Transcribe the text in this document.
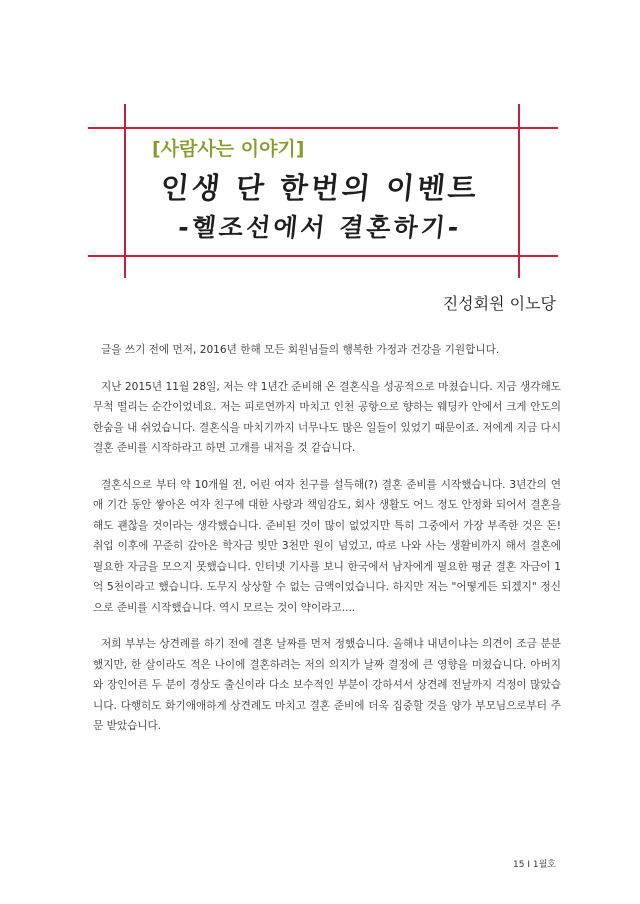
[사람사는 이야기]
인생 단 한번의 이벤트
-헬조선에서 결혼하기-
진성회원 이노당

글을 쓰기 전에 먼저, 2016년 한해 모든 회원님들의 행복한 가정과 건강을 기원합니다.

지난 2015년 11월 28일, 저는 약 1년간 준비해 온 결혼식을 성공적으로 마쳤습니다. 지금 생각해도 무척 떨리는 순간이었네요. 저는 피로연까지 마치고 인천 공항으로 향하는 웨딩카 안에서 크게 안도의 한숨을 내 쉬었습니다. 결혼식을 마치기까지 너무나도 많은 일들이 있었기 때문이죠. 저에게 지금 다시 결혼 준비를 시작하라고 하면 고개를 내저을 것 같습니다.

결혼식으로 부터 약 10개월 전, 어린 여자 친구를 설득해(?) 결혼 준비를 시작했습니다. 3년간의 연애 기간 동안 쌓아온 여자 친구에 대한 사랑과 책임감도, 회사 생활도 어느 정도 안정화 되어서 결혼을 해도 괜찮을 것이라는 생각했습니다. 준비된 것이 많이 없었지만 특히 그중에서 가장 부족한 것은 돈! 취업 이후에 꾸준히 갚아온 학자금 빚만 3천만 원이 넘었고, 따로 나와 사는 생활비까지 해서 결혼에 필요한 자금을 모으지 못했습니다. 인터넷 기사를 보니 한국에서 남자에게 필요한 평균 결혼 자금이 1억 5천이라고 했습니다. 도무지 상상할 수 없는 금액이었습니다. 하지만 저는 "어떻게든 되겠지" 정신으로 준비를 시작했습니다. 역시 모르는 것이 약이라고....

저희 부부는 상견례를 하기 전에 결혼 날짜를 먼저 정했습니다. 올해냐 내년이냐는 의견이 조금 분분했지만, 한 살이라도 적은 나이에 결혼하려는 저의 의지가 날짜 결정에 큰 영향을 미쳤습니다. 아버지와 장인어른 두 분이 경상도 출신이라 다소 보수적인 부분이 강하셔서 상견례 전날까지 걱정이 많았습니다. 다행히도 화기애애하게 상견례도 마치고 결혼 준비에 더욱 집중할 것을 양가 부모님으로부터 주문 받았습니다.

15 I 1월호
